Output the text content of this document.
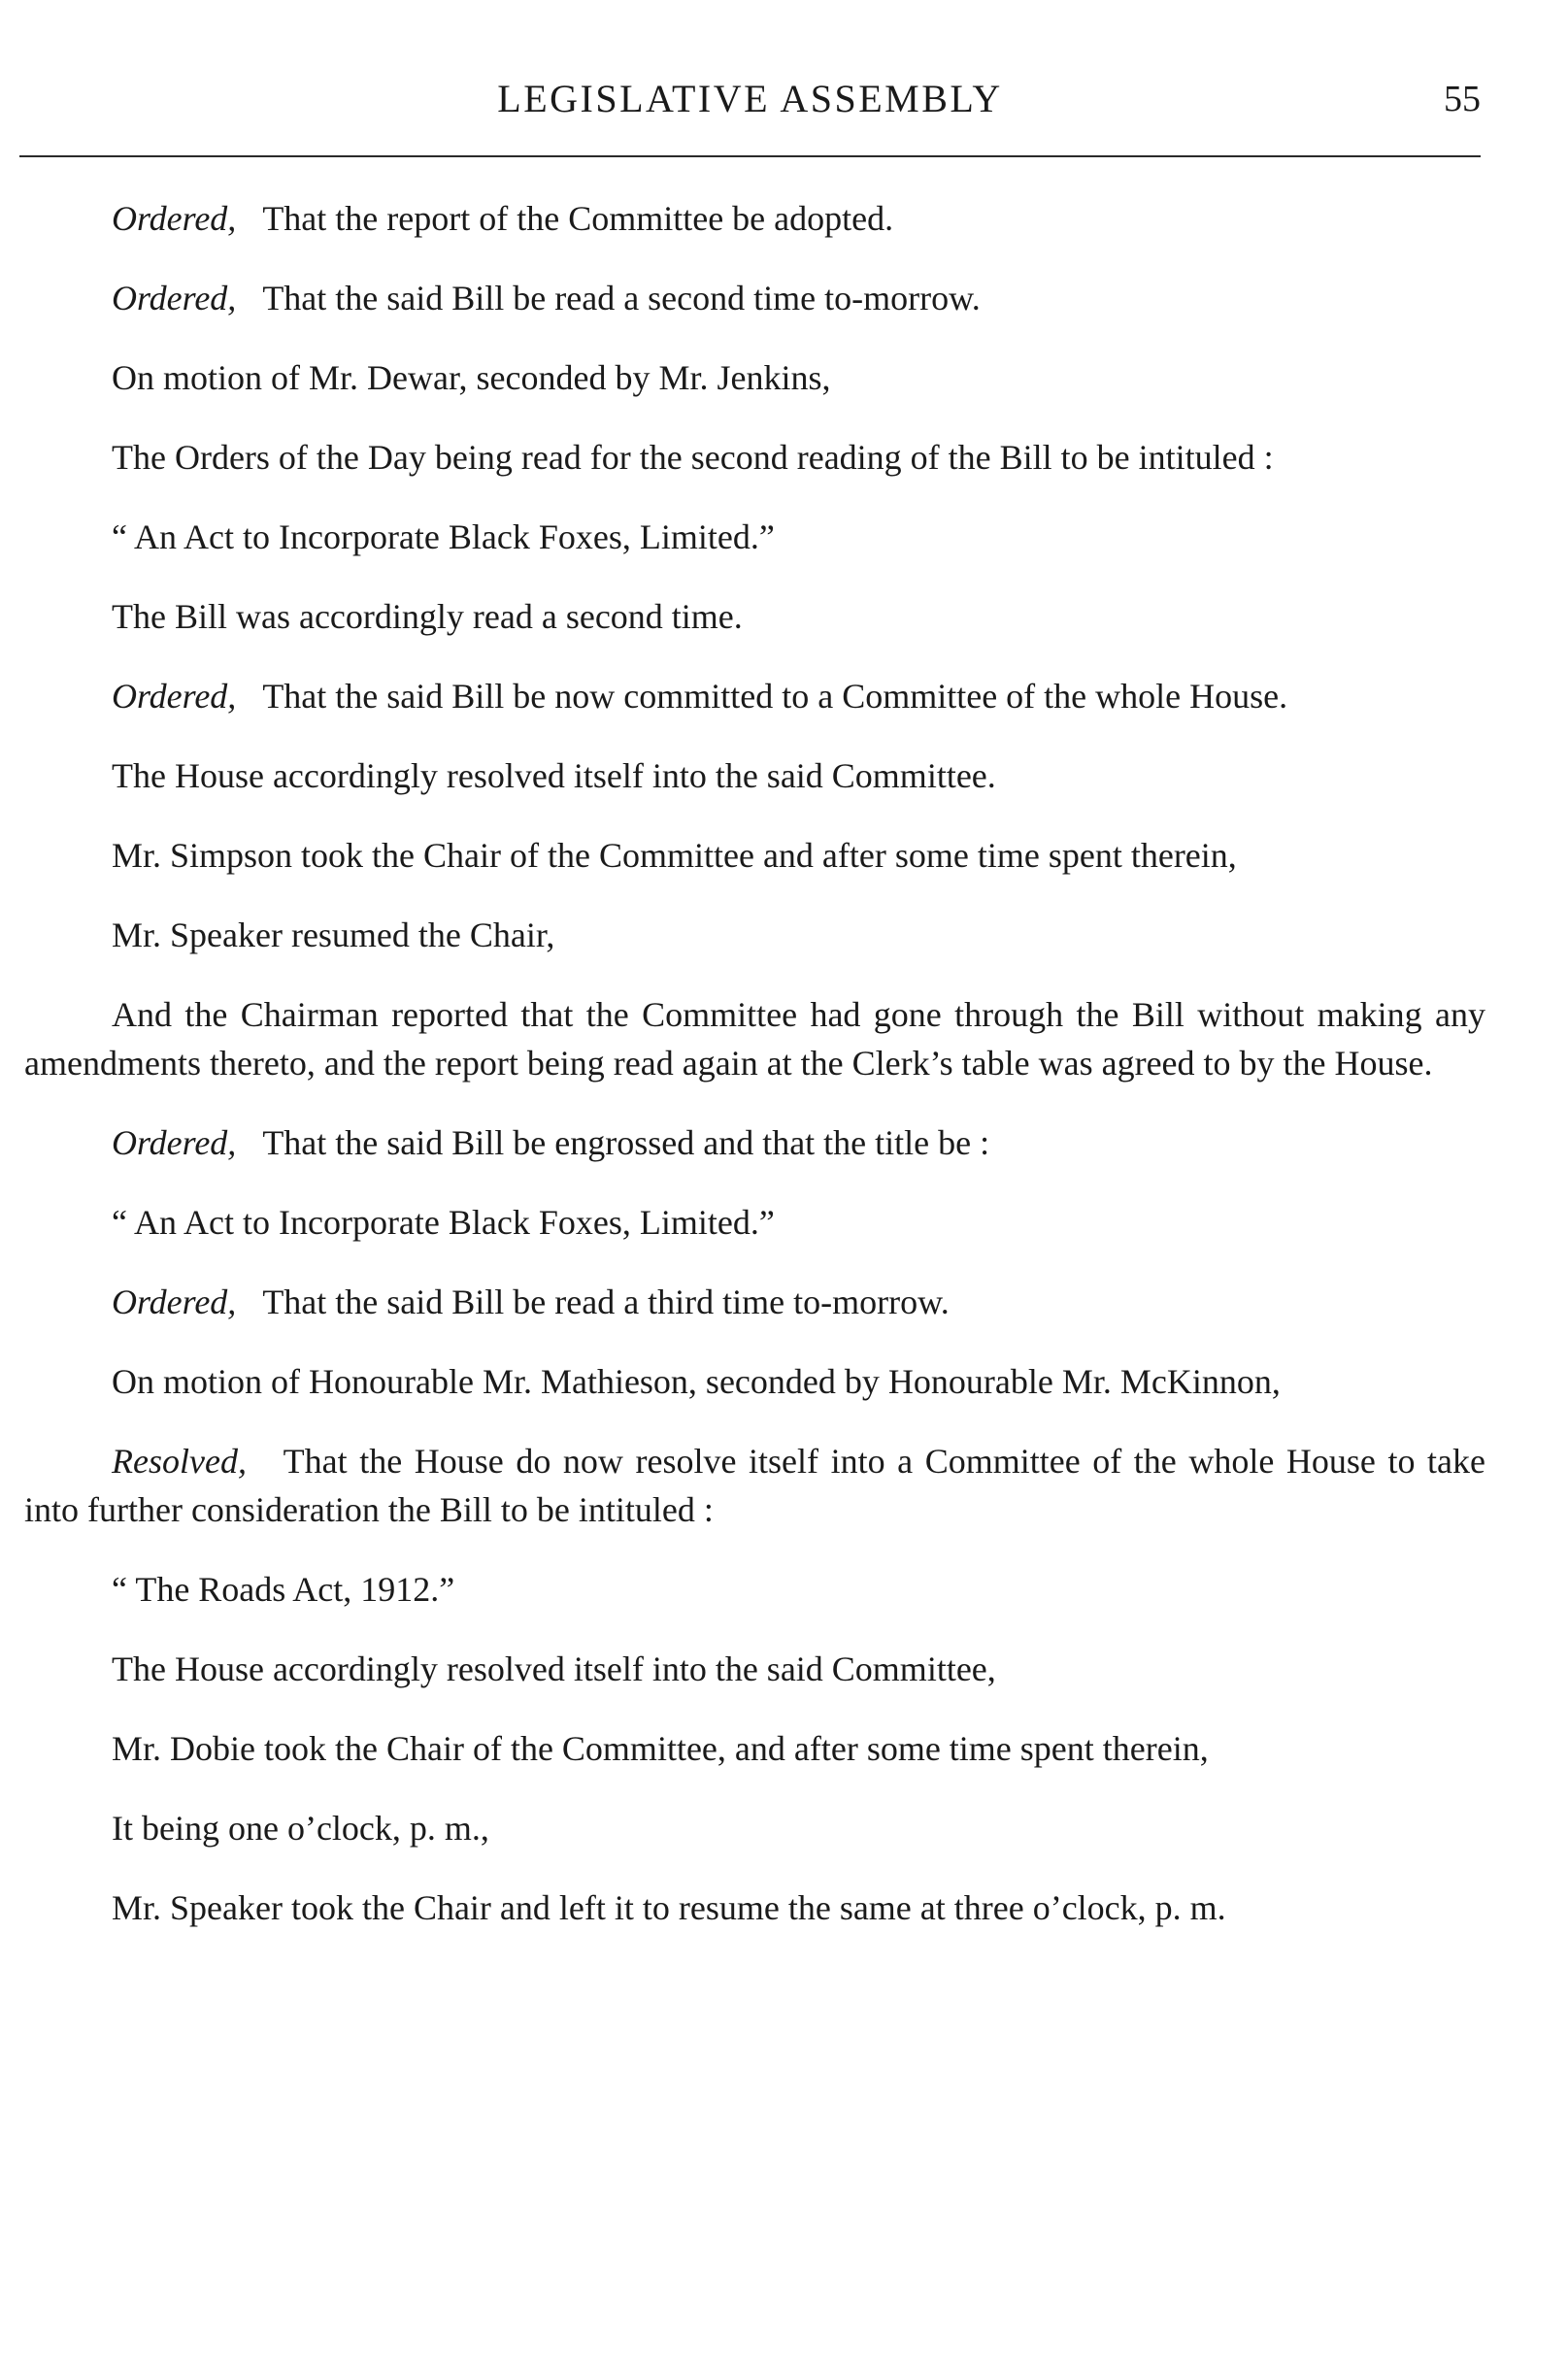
LEGISLATIVE ASSEMBLY	55

Ordered, That the report of the Committee be adopted.

Ordered, That the said Bill be read a second time to-morrow.

On motion of Mr. Dewar, seconded by Mr. Jenkins,

The Orders of the Day being read for the second reading of the Bill to be intituled :

“ An Act to Incorporate Black Foxes, Limited.”

The Bill was accordingly read a second time.

Ordered, That the said Bill be now committed to a Committee of the whole House.

The House accordingly resolved itself into the said Committee.

Mr. Simpson took the Chair of the Committee and after some time spent therein,

Mr. Speaker resumed the Chair,

And the Chairman reported that the Committee had gone through the Bill without making any amendments thereto, and the report being read again at the Clerk’s table was agreed to by the House.

Ordered, That the said Bill be engrossed and that the title be :

“ An Act to Incorporate Black Foxes, Limited.”

Ordered, That the said Bill be read a third time to-morrow.

On motion of Honourable Mr. Mathieson, seconded by Honourable Mr. McKinnon,

Resolved, That the House do now resolve itself into a Committee of the whole House to take into further consideration the Bill to be intituled :

“ The Roads Act, 1912.”

The House accordingly resolved itself into the said Committee,

Mr. Dobie took the Chair of the Committee, and after some time spent therein,

It being one o’clock, p. m.,

Mr. Speaker took the Chair and left it to resume the same at three o’clock, p. m.
